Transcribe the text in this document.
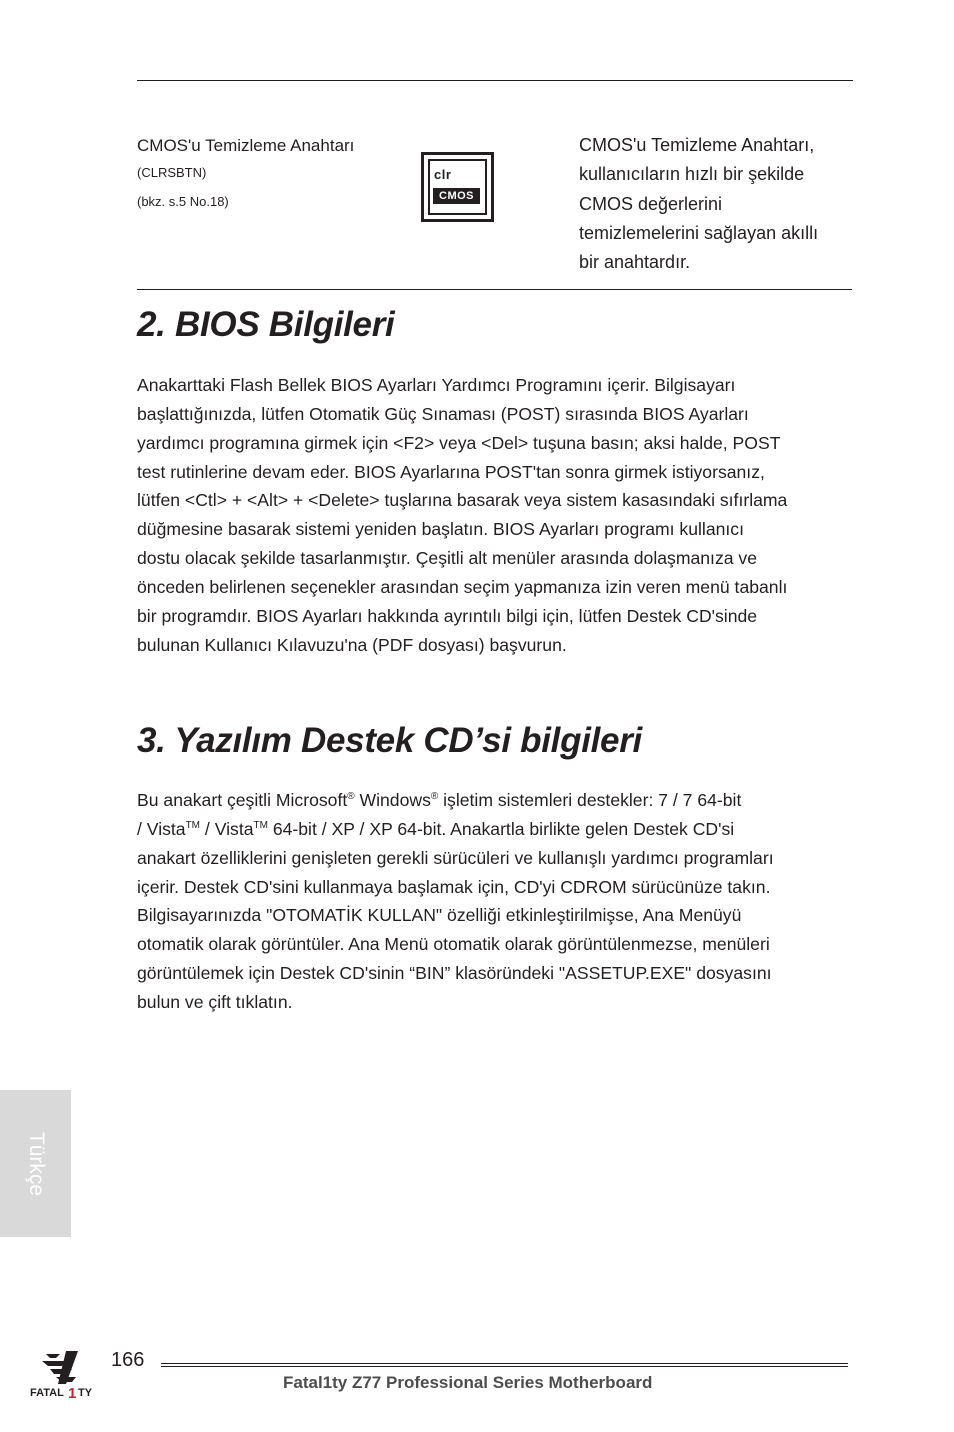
CMOS'u Temizleme Anahtarı
(CLRSBTN)
(bkz. s.5 No.18)
clr
CMOS
CMOS'u Temizleme Anahtarı,
kullanıcıların hızlı bir şekilde
CMOS değerlerini
temizlemelerini sağlayan akıllı
bir anahtardır.
2. BIOS Bilgileri
Anakarttaki Flash Bellek BIOS Ayarları Yardımcı Programını içerir. Bilgisayarı
başlattığınızda, lütfen Otomatik Güç Sınaması (POST) sırasında BIOS Ayarları
yardımcı programına girmek için <F2> veya <Del> tuşuna basın; aksi halde, POST
test rutinlerine devam eder. BIOS Ayarlarına POST'tan sonra girmek istiyorsanız,
lütfen <Ctl> + <Alt> + <Delete> tuşlarına basarak veya sistem kasasındaki sıfırlama
düğmesine basarak sistemi yeniden başlatın. BIOS Ayarları programı kullanıcı
dostu olacak şekilde tasarlanmıştır. Çeşitli alt menüler arasında dolaşmanıza ve
önceden belirlenen seçenekler arasından seçim yapmanıza izin veren menü tabanlı
bir programdır. BIOS Ayarları hakkında ayrıntılı bilgi için, lütfen Destek CD'sinde
bulunan Kullanıcı Kılavuzu'na (PDF dosyası) başvurun.
3. Yazılım Destek CD’si bilgileri
Bu anakart çeşitli Microsoft® Windows® işletim sistemleri destekler: 7 / 7 64-bit
/ Vista™ / Vista™ 64-bit / XP / XP 64-bit. Anakartla birlikte gelen Destek CD'si
anakart özelliklerini genişleten gerekli sürücüleri ve kullanışlı yardımcı programları
içerir. Destek CD'sini kullanmaya başlamak için, CD'yi CDROM sürücünüze takın.
Bilgisayarınızda "OTOMATİK KULLAN" özelliği etkinleştirilmişse, Ana Menüyü
otomatik olarak görüntüler. Ana Menü otomatik olarak görüntülenmezse, menüleri
görüntülemek için Destek CD'sinin “BIN” klasöründeki "ASSETUP.EXE" dosyasını
bulun ve çift tıklatın.
Türkçe
FATAL 1 TY
166
Fatal1ty Z77 Professional Series Motherboard
